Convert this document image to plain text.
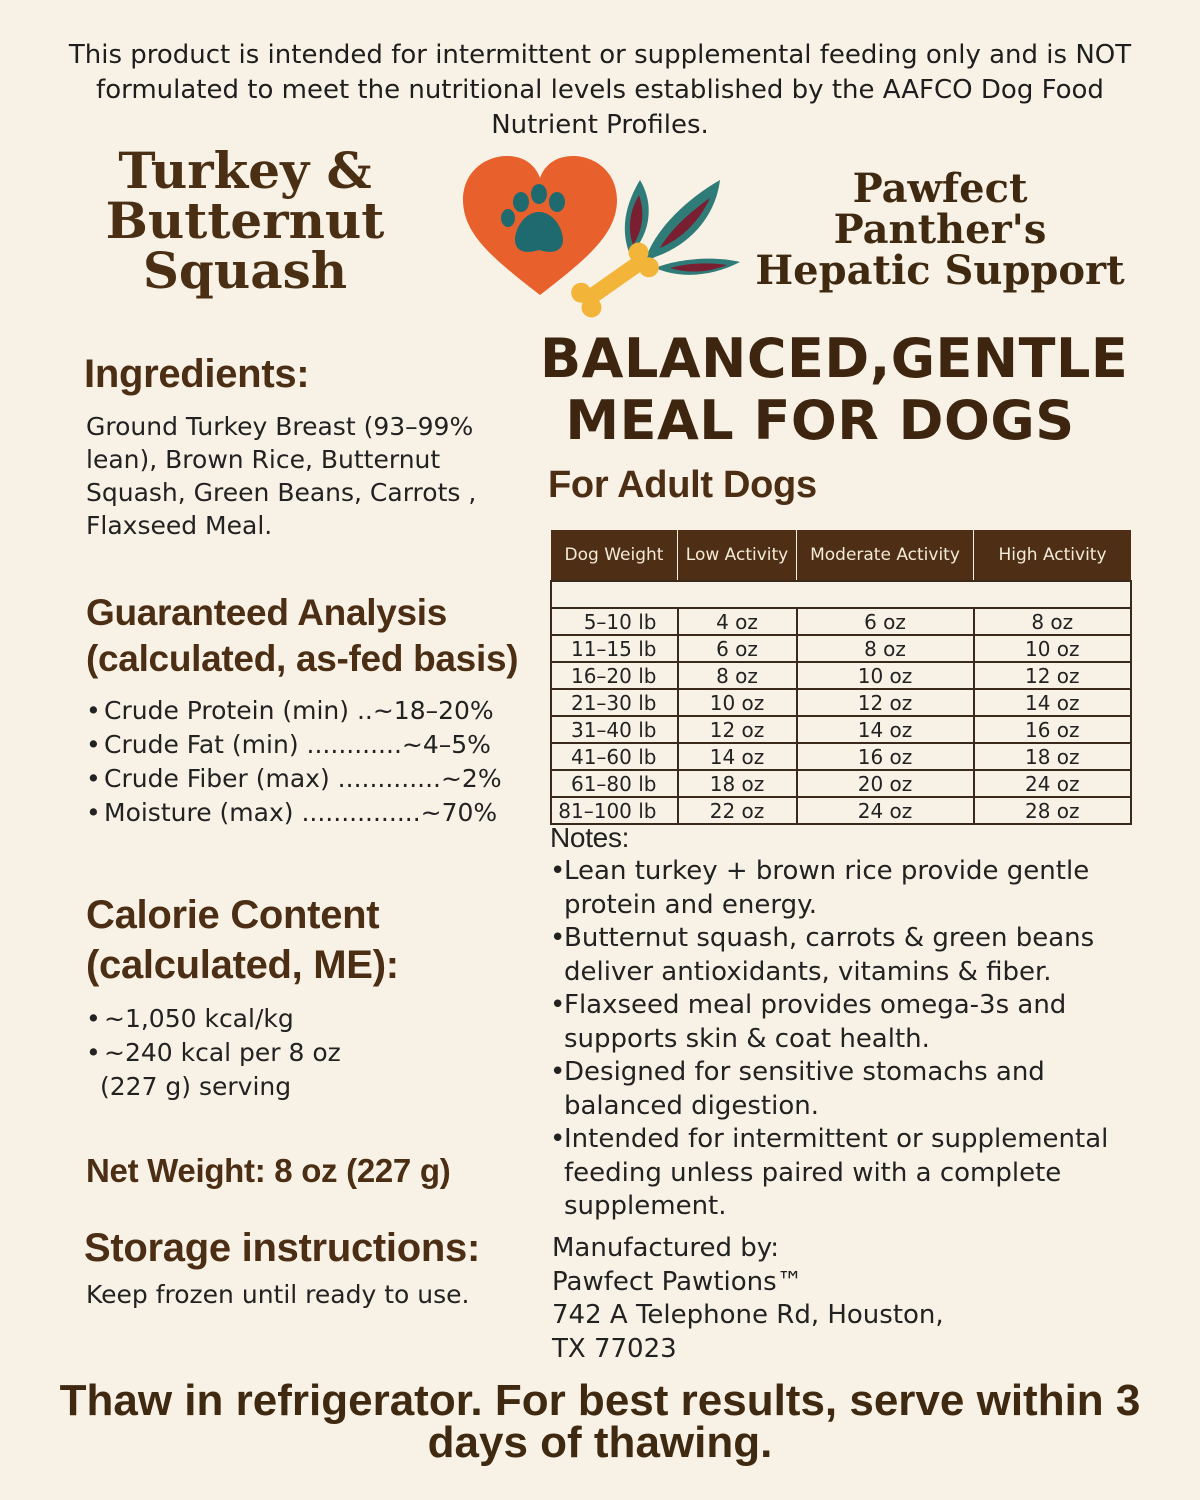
This product is intended for intermittent or supplemental feeding only and is NOT formulated to meet the nutritional levels established by the AAFCO Dog Food Nutrient Profiles.
Turkey &
Butternut
Squash
Pawfect
Panther's
Hepatic Support
Ingredients:
Ground Turkey Breast (93–99% lean), Brown Rice, Butternut Squash, Green Beans, Carrots , Flaxseed Meal.
Guaranteed Analysis
(calculated, as-fed basis)
• Crude Protein (min) ..~18–20%
• Crude Fat (min) ............~4–5%
• Crude Fiber (max) .............~2%
• Moisture (max) ...............~70%
Calorie Content
(calculated, ME):
• ~1,050 kcal/kg
• ~240 kcal per 8 oz
(227 g) serving
Net Weight: 8 oz (227 g)
Storage instructions:
Keep frozen until ready to use.
BALANCED,GENTLE
MEAL FOR DOGS
For Adult Dogs
Dog Weight	Low Activity	Moderate Activity	High Activity

5–10 lb	4 oz	6 oz	8 oz
11–15 lb	6 oz	8 oz	10 oz
16–20 lb	8 oz	10 oz	12 oz
21–30 lb	10 oz	12 oz	14 oz
31–40 lb	12 oz	14 oz	16 oz
41–60 lb	14 oz	16 oz	18 oz
61–80 lb	18 oz	20 oz	24 oz
81–100 lb	22 oz	24 oz	28 oz
Notes:
• Lean turkey + brown rice provide gentle protein and energy.
• Butternut squash, carrots & green beans deliver antioxidants, vitamins & fiber.
• Flaxseed meal provides omega-3s and supports skin & coat health.
• Designed for sensitive stomachs and balanced digestion.
• Intended for intermittent or supplemental feeding unless paired with a complete supplement.
Manufactured by:
Pawfect Pawtions™
742 A Telephone Rd, Houston,
TX 77023
Thaw in refrigerator. For best results, serve within 3 days of thawing.
